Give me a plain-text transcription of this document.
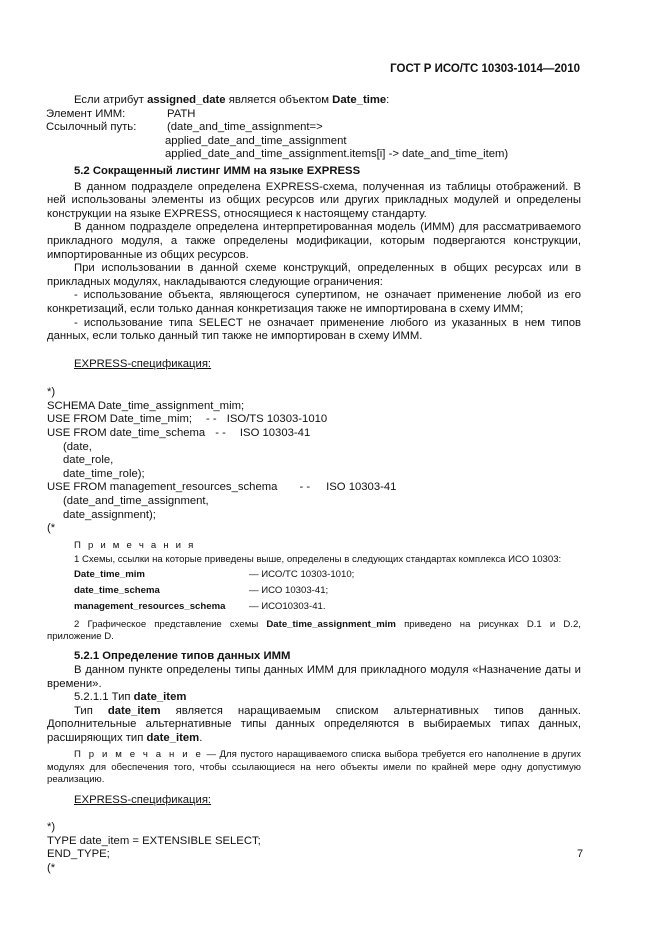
ГОСТ Р ИСО/ТС 10303-1014—2010

Если атрибут assigned_date является объектом Date_time:

Элемент ИММ:	PATH
Ссылочный путь:	(date_and_time_assignment=>
applied_date_and_time_assignment
applied_date_and_time_assignment.items[i] -> date_and_time_item)
5.2 Сокращенный листинг ИММ на языке EXPRESS

В данном подразделе определена EXPRESS-схема, полученная из таблицы отображений. В ней использованы элементы из общих ресурсов или других прикладных модулей и определены конструкции на языке EXPRESS, относящиеся к настоящему стандарту.

В данном подразделе определена интерпретированная модель (ИММ) для рассматриваемого прикладного модуля, а также определены модификации, которым подвергаются конструкции, импортированные из общих ресурсов.

При использовании в данной схеме конструкций, определенных в общих ресурсах или в прикладных модулях, накладываются следующие ограничения:

- использование объекта, являющегося супертипом, не означает применение любой из его конкретизаций, если только данная конкретизация также не импортирована в схему ИММ;

- использование типа SELECT не означает применение любого из указанных в нем типов данных, если только данный тип также не импортирован в схему ИММ.

EXPRESS-спецификация:
*)
SCHEMA Date_time_assignment_mim;
USE FROM Date_time_mim; - - ISO/TS 10303-1010
USE FROM date_time_schema - - ISO 10303-41
(date,
date_role,
date_time_role);
USE FROM management_resources_schema - - ISO 10303-41
(date_and_time_assignment,
date_assignment);
(*
П р и м е ч а н и я
1 Схемы, ссылки на которые приведены выше, определены в следующих стандартах комплекса ИСО 10303:
Date_time_mim	— ИСО/ТС 10303-1010;
date_time_schema	— ИСО 10303-41;
management_resources_schema	— ИСО10303-41.

2 Графическое представление схемы Date_time_assignment_mim приведено на рисунках D.1 и D.2, приложение D.

5.2.1 Определение типов данных ИММ

В данном пункте определены типы данных ИММ для прикладного модуля «Назначение даты и времени».

5.2.1.1 Тип date_item

Тип date_item является наращиваемым списком альтернативных типов данных. Дополнительные альтернативные типы данных определяются в выбираемых типах данных, расширяющих тип date_item.

П р и м е ч а н и е — Для пустого наращиваемого списка выбора требуется его наполнение в других модулях для обеспечения того, чтобы ссылающиеся на него объекты имели по крайней мере одну допустимую реализацию.

EXPRESS-спецификация:
*)
TYPE date_item = EXTENSIBLE SELECT;
END_TYPE;
(*
7
